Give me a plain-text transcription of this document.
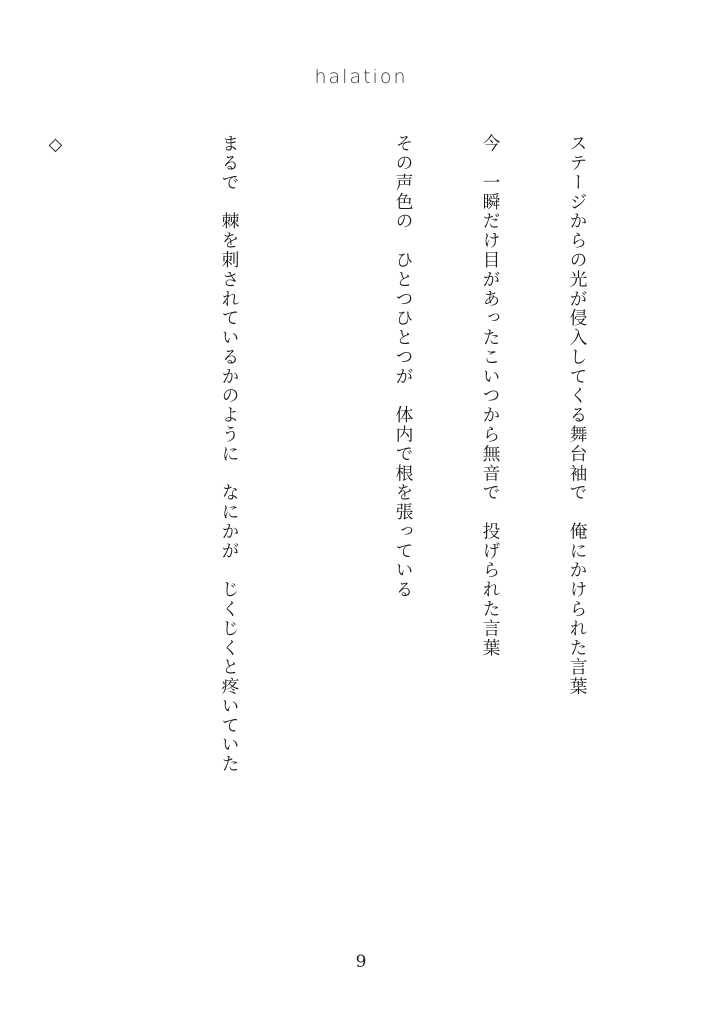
halation

ステージからの光が侵入してくる舞台袖で　俺にかけられた言葉

今　一瞬だけ目があったこいつから無音で　投げられた言葉

その声色の　ひとつひとつが　体内で根を張っている

まるで　棘を刺されているかのように　なにかが　じくじくと疼いていた

◇

9
